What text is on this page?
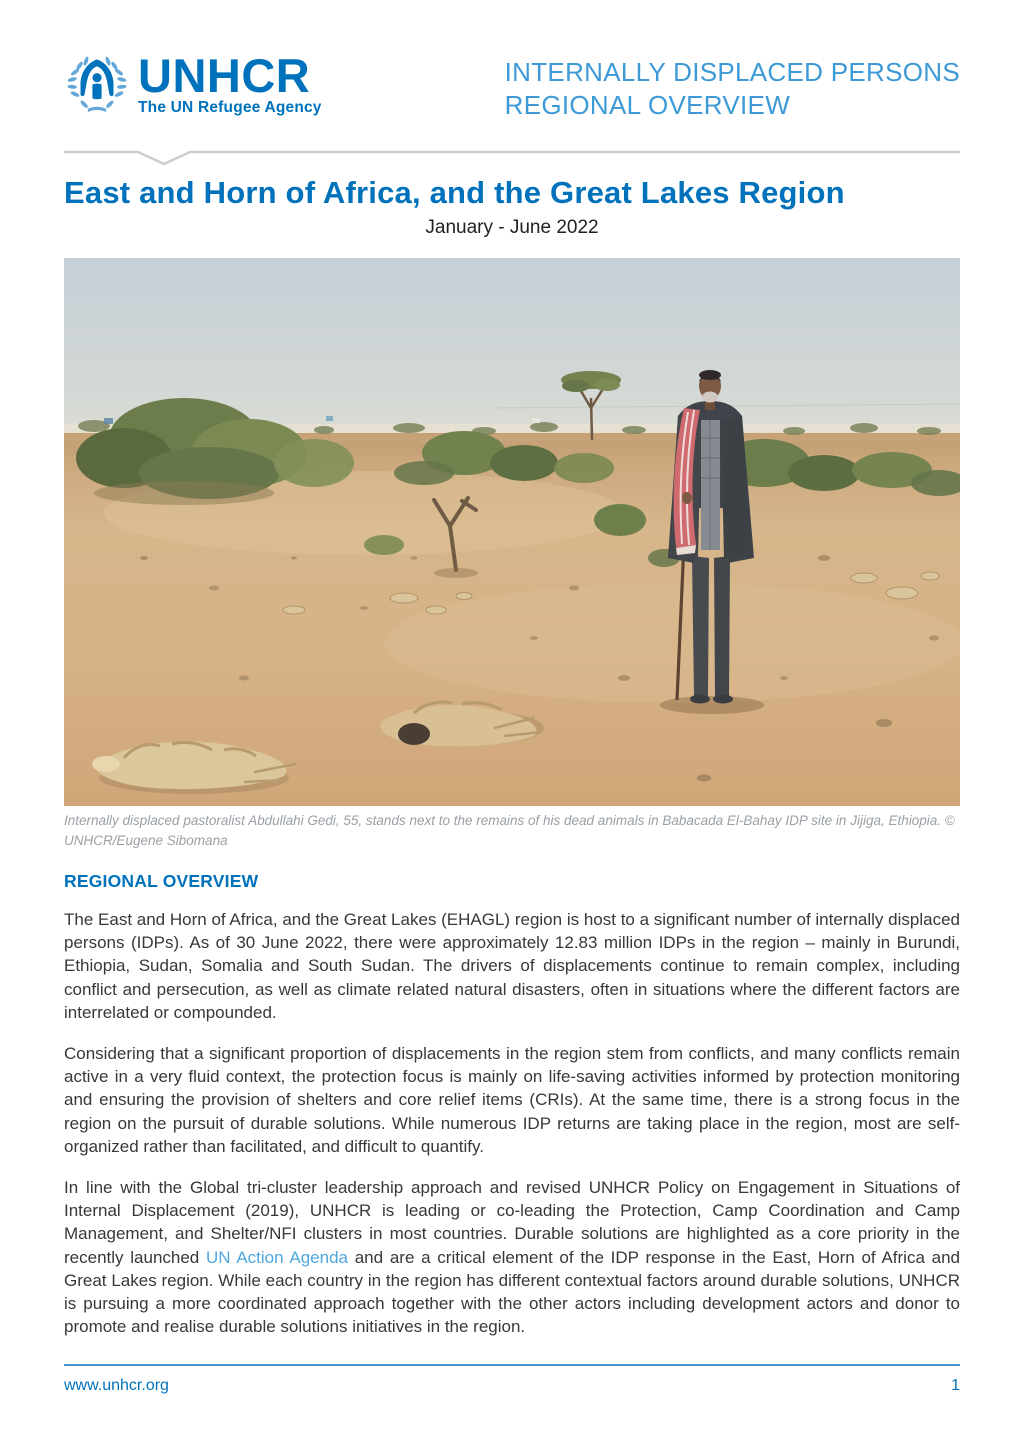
UNHCR
The UN Refugee Agency
INTERNALLY DISPLACED PERSONS
REGIONAL OVERVIEW
East and Horn of Africa, and the Great Lakes Region
January - June 2022
Internally displaced pastoralist Abdullahi Gedi, 55, stands next to the remains of his dead animals in Babacada El-Bahay IDP site in Jijiga, Ethiopia. © UNHCR/Eugene Sibomana
REGIONAL OVERVIEW

The East and Horn of Africa, and the Great Lakes (EHAGL) region is host to a significant number of internally displaced persons (IDPs). As of 30 June 2022, there were approximately 12.83 million IDPs in the region – mainly in Burundi, Ethiopia, Sudan, Somalia and South Sudan. The drivers of displacements continue to remain complex, including conflict and persecution, as well as climate related natural disasters, often in situations where the different factors are interrelated or compounded.

Considering that a significant proportion of displacements in the region stem from conflicts, and many conflicts remain active in a very fluid context, the protection focus is mainly on life-saving activities informed by protection monitoring and ensuring the provision of shelters and core relief items (CRIs). At the same time, there is a strong focus in the region on the pursuit of durable solutions. While numerous IDP returns are taking place in the region, most are self-organized rather than facilitated, and difficult to quantify.

In line with the Global tri-cluster leadership approach and revised UNHCR Policy on Engagement in Situations of Internal Displacement (2019), UNHCR is leading or co-leading the Protection, Camp Coordination and Camp Management, and Shelter/NFI clusters in most countries. Durable solutions are highlighted as a core priority in the recently launched UN Action Agenda and are a critical element of the IDP response in the East, Horn of Africa and Great Lakes region. While each country in the region has different contextual factors around durable solutions, UNHCR is pursuing a more coordinated approach together with the other actors including development actors and donor to promote and realise durable solutions initiatives in the region.

www.unhcr.org	1
